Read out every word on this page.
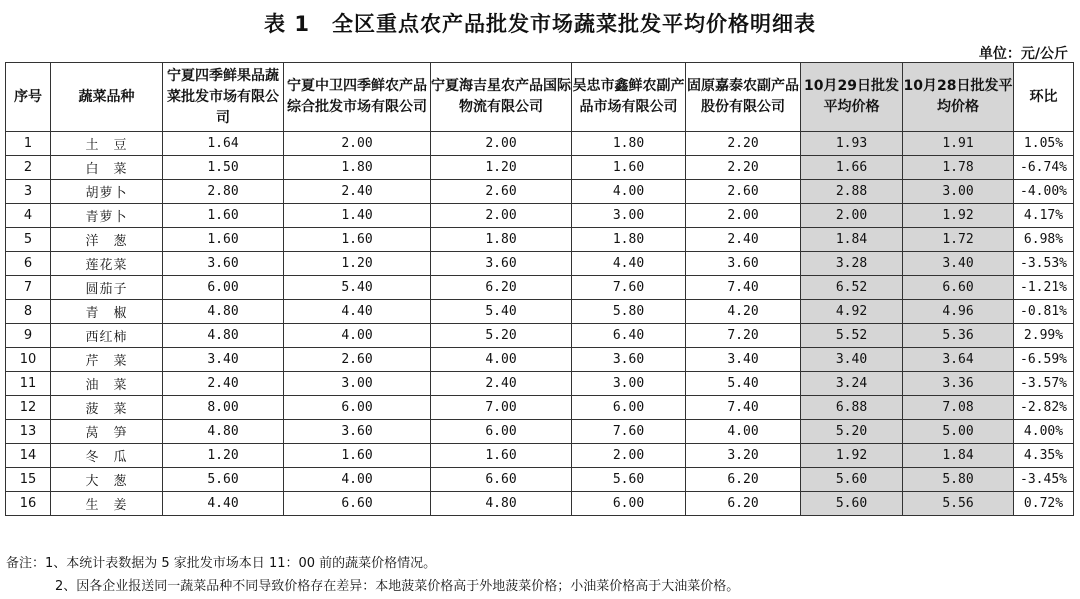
表 1　全区重点农产品批发市场蔬菜批发平均价格明细表
单位：元/公斤
序号	蔬菜品种	宁夏四季鲜果品蔬菜批发市场有限公司	宁夏中卫四季鲜农产品综合批发市场有限公司	宁夏海吉星农产品国际物流有限公司	吴忠市鑫鲜农副产品市场有限公司	固原嘉泰农副产品股份有限公司	10月29日批发平均价格	10月28日批发平均价格	环比
1	土　豆	1.64	2.00	2.00	1.80	2.20	1.93	1.91	1.05%
2	白　菜	1.50	1.80	1.20	1.60	2.20	1.66	1.78	-6.74%
3	胡萝卜	2.80	2.40	2.60	4.00	2.60	2.88	3.00	-4.00%
4	青萝卜	1.60	1.40	2.00	3.00	2.00	2.00	1.92	4.17%
5	洋　葱	1.60	1.60	1.80	1.80	2.40	1.84	1.72	6.98%
6	莲花菜	3.60	1.20	3.60	4.40	3.60	3.28	3.40	-3.53%
7	圆茄子	6.00	5.40	6.20	7.60	7.40	6.52	6.60	-1.21%
8	青　椒	4.80	4.40	5.40	5.80	4.20	4.92	4.96	-0.81%
9	西红柿	4.80	4.00	5.20	6.40	7.20	5.52	5.36	2.99%
10	芹　菜	3.40	2.60	4.00	3.60	3.40	3.40	3.64	-6.59%
11	油　菜	2.40	3.00	2.40	3.00	5.40	3.24	3.36	-3.57%
12	菠　菜	8.00	6.00	7.00	6.00	7.40	6.88	7.08	-2.82%
13	莴　笋	4.80	3.60	6.00	7.60	4.00	5.20	5.00	4.00%
14	冬　瓜	1.20	1.60	1.60	2.00	3.20	1.92	1.84	4.35%
15	大　葱	5.60	4.00	6.60	5.60	6.20	5.60	5.80	-3.45%
16	生　姜	4.40	6.60	4.80	6.00	6.20	5.60	5.56	0.72%
备注：1、本统计表数据为 5 家批发市场本日 11：00 前的蔬菜价格情况。
2、因各企业报送同一蔬菜品种不同导致价格存在差异：本地菠菜价格高于外地菠菜价格；小油菜价格高于大油菜价格。
